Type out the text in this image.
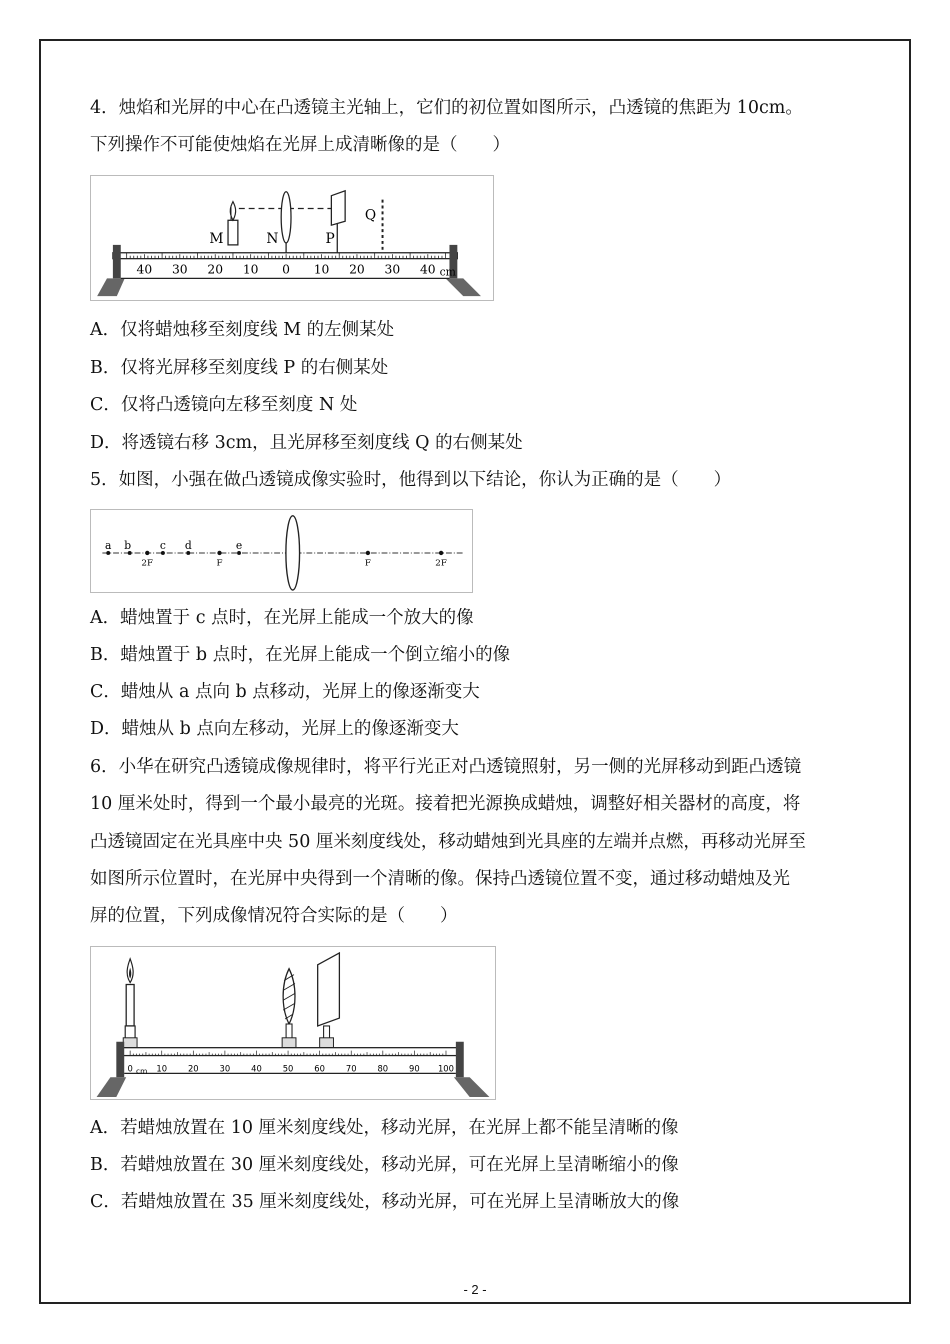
4．烛焰和光屏的中心在凸透镜主光轴上，它们的初位置如图所示，凸透镜的焦距为 10cm。
下列操作不可能使烛焰在光屏上成清晰像的是（　　）
M	N	P
Q
40 30 20 10 0 10 20 30 40 cm
A．仅将蜡烛移至刻度线 M 的左侧某处
B．仅将光屏移至刻度线 P 的右侧某处
C．仅将凸透镜向左移至刻度 N 处
D．将透镜右移 3cm，且光屏移至刻度线 Q 的右侧某处
5．如图，小强在做凸透镜成像实验时，他得到以下结论，你认为正确的是（　　）
a b	c d	e
2F	F	F	2F
A．蜡烛置于 c 点时，在光屏上能成一个放大的像
B．蜡烛置于 b 点时，在光屏上能成一个倒立缩小的像
C．蜡烛从 a 点向 b 点移动，光屏上的像逐渐变大
D．蜡烛从 b 点向左移动，光屏上的像逐渐变大
6．小华在研究凸透镜成像规律时，将平行光正对凸透镜照射，另一侧的光屏移动到距凸透镜
10 厘米处时，得到一个最小最亮的光斑。接着把光源换成蜡烛，调整好相关器材的高度，将
凸透镜固定在光具座中央 50 厘米刻度线处，移动蜡烛到光具座的左端并点燃，再移动光屏至
如图所示位置时，在光屏中央得到一个清晰的像。保持凸透镜位置不变，通过移动蜡烛及光
屏的位置，下列成像情况符合实际的是（　　）
0	10 20 30 40 50 60 70 80 90 100
cm
A．若蜡烛放置在 10 厘米刻度线处，移动光屏，在光屏上都不能呈清晰的像
B．若蜡烛放置在 30 厘米刻度线处，移动光屏，可在光屏上呈清晰缩小的像
C．若蜡烛放置在 35 厘米刻度线处，移动光屏，可在光屏上呈清晰放大的像
- 2 -
